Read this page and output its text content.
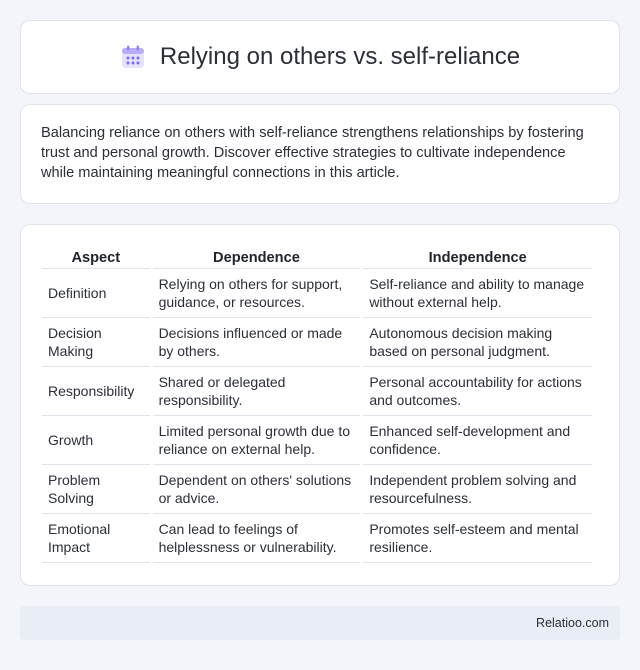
Relying on others vs. self-reliance

Balancing reliance on others with self-reliance strengthens relationships by fostering trust and personal growth. Discover effective strategies to cultivate independence while maintaining meaningful connections in this article.

Aspect	Dependence	Independence
Definition	Relying on others for support, guidance, or resources.	Self-reliance and ability to manage without external help.
Decision Making	Decisions influenced or made by others.	Autonomous decision making based on personal judgment.
Responsibility	Shared or delegated responsibility.	Personal accountability for actions and outcomes.
Growth	Limited personal growth due to reliance on external help.	Enhanced self-development and confidence.
Problem Solving	Dependent on others' solutions or advice.	Independent problem solving and resourcefulness.
Emotional Impact	Can lead to feelings of helplessness or vulnerability.	Promotes self-esteem and mental resilience.
Relatioo.com
